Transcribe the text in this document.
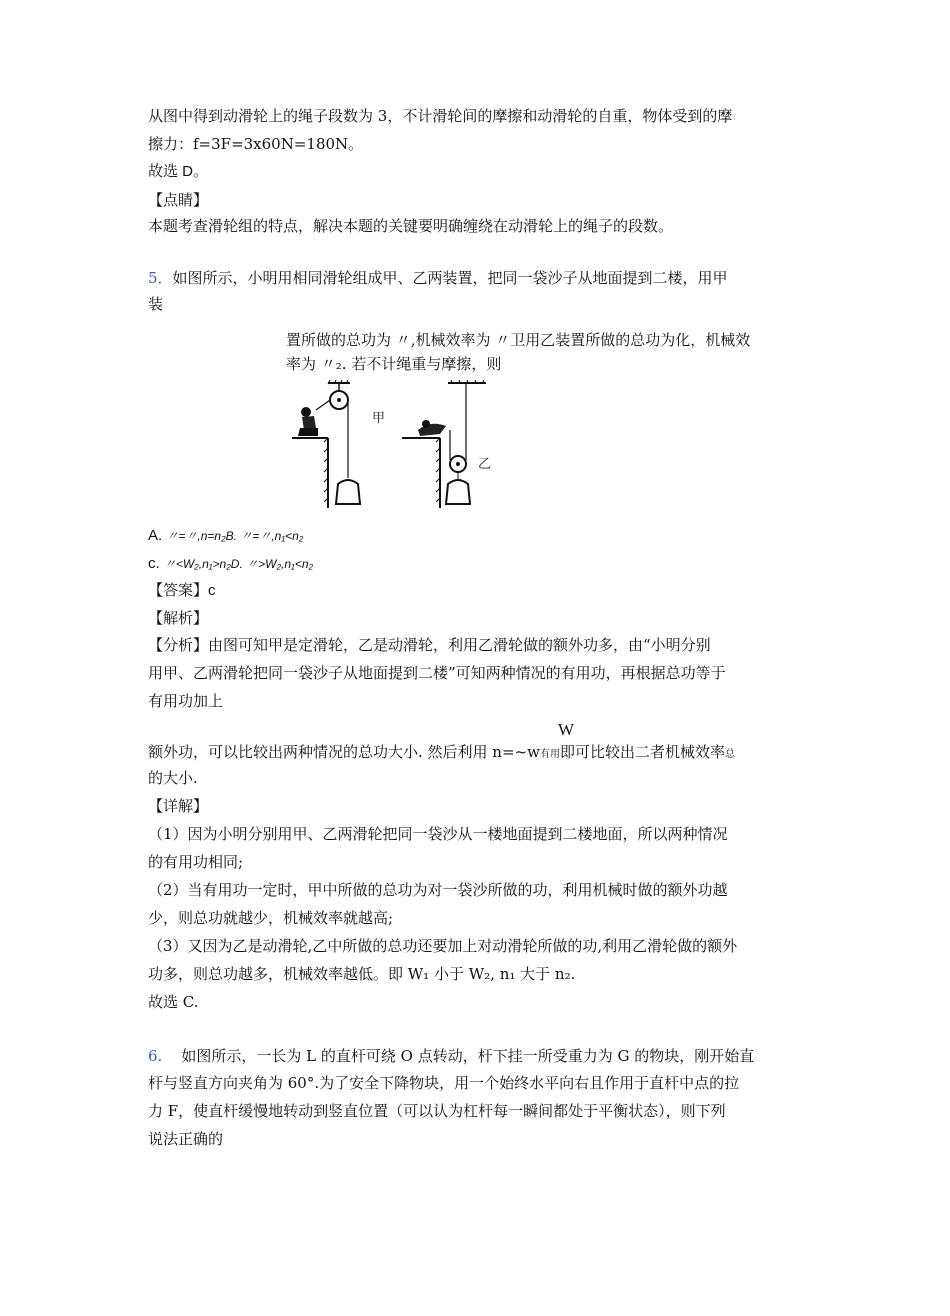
从图中得到动滑轮上的绳子段数为 3，不计滑轮间的摩擦和动滑轮的自重，物体受到的摩
擦力：f=3F=3x60N=180N。
故选 D。
【点睛】
本题考查滑轮组的特点，解决本题的关键要明确缠绕在动滑轮上的绳子的段数。
5．如图所示，小明用相同滑轮组成甲、乙两装置，把同一袋沙子从地面提到二楼，用甲
装
置所做的总功为 〃,机械效率为 〃卫用乙装置所做的总功为化，机械效
率为 〃₂. 若不计绳重与摩擦，则
甲
乙
A. 〃=〃,n=n₂B. 〃=〃,n₁<n₂
c. 〃<W₂,n₁>n₂D. 〃>W₂,n₁<n₂
【答案】c
【解析】
【分析】由图可知甲是定滑轮，乙是动滑轮，利用乙滑轮做的额外功多，由“小明分别
用甲、乙两滑轮把同一袋沙子从地面提到二楼”可知两种情况的有用功，再根据总功等于
有用功加上
W
额外功，可以比较出两种情况的总功大小. 然后利用 n=~w有用即可比较出二者机械效率总
的大小.
【详解】
（1）因为小明分别用甲、乙两滑轮把同一袋沙从一楼地面提到二楼地面，所以两种情况
的有用功相同;
（2）当有用功一定时，甲中所做的总功为对一袋沙所做的功，利用机械时做的额外功越
少，则总功就越少，机械效率就越高;
（3）又因为乙是动滑轮,乙中所做的总功还要加上对动滑轮所做的功,利用乙滑轮做的额外
功多，则总功越多，机械效率越低。即 W₁ 小于 W₂, n₁ 大于 n₂.
故选 C.
6. 如图所示，一长为 L 的直杆可绕 O 点转动，杆下挂一所受重力为 G 的物块，刚开始直
杆与竖直方向夹角为 60°.为了安全下降物块，用一个始终水平向右且作用于直杆中点的拉
力 F，使直杆缓慢地转动到竖直位置（可以认为杠杆每一瞬间都处于平衡状态），则下列
说法正确的
